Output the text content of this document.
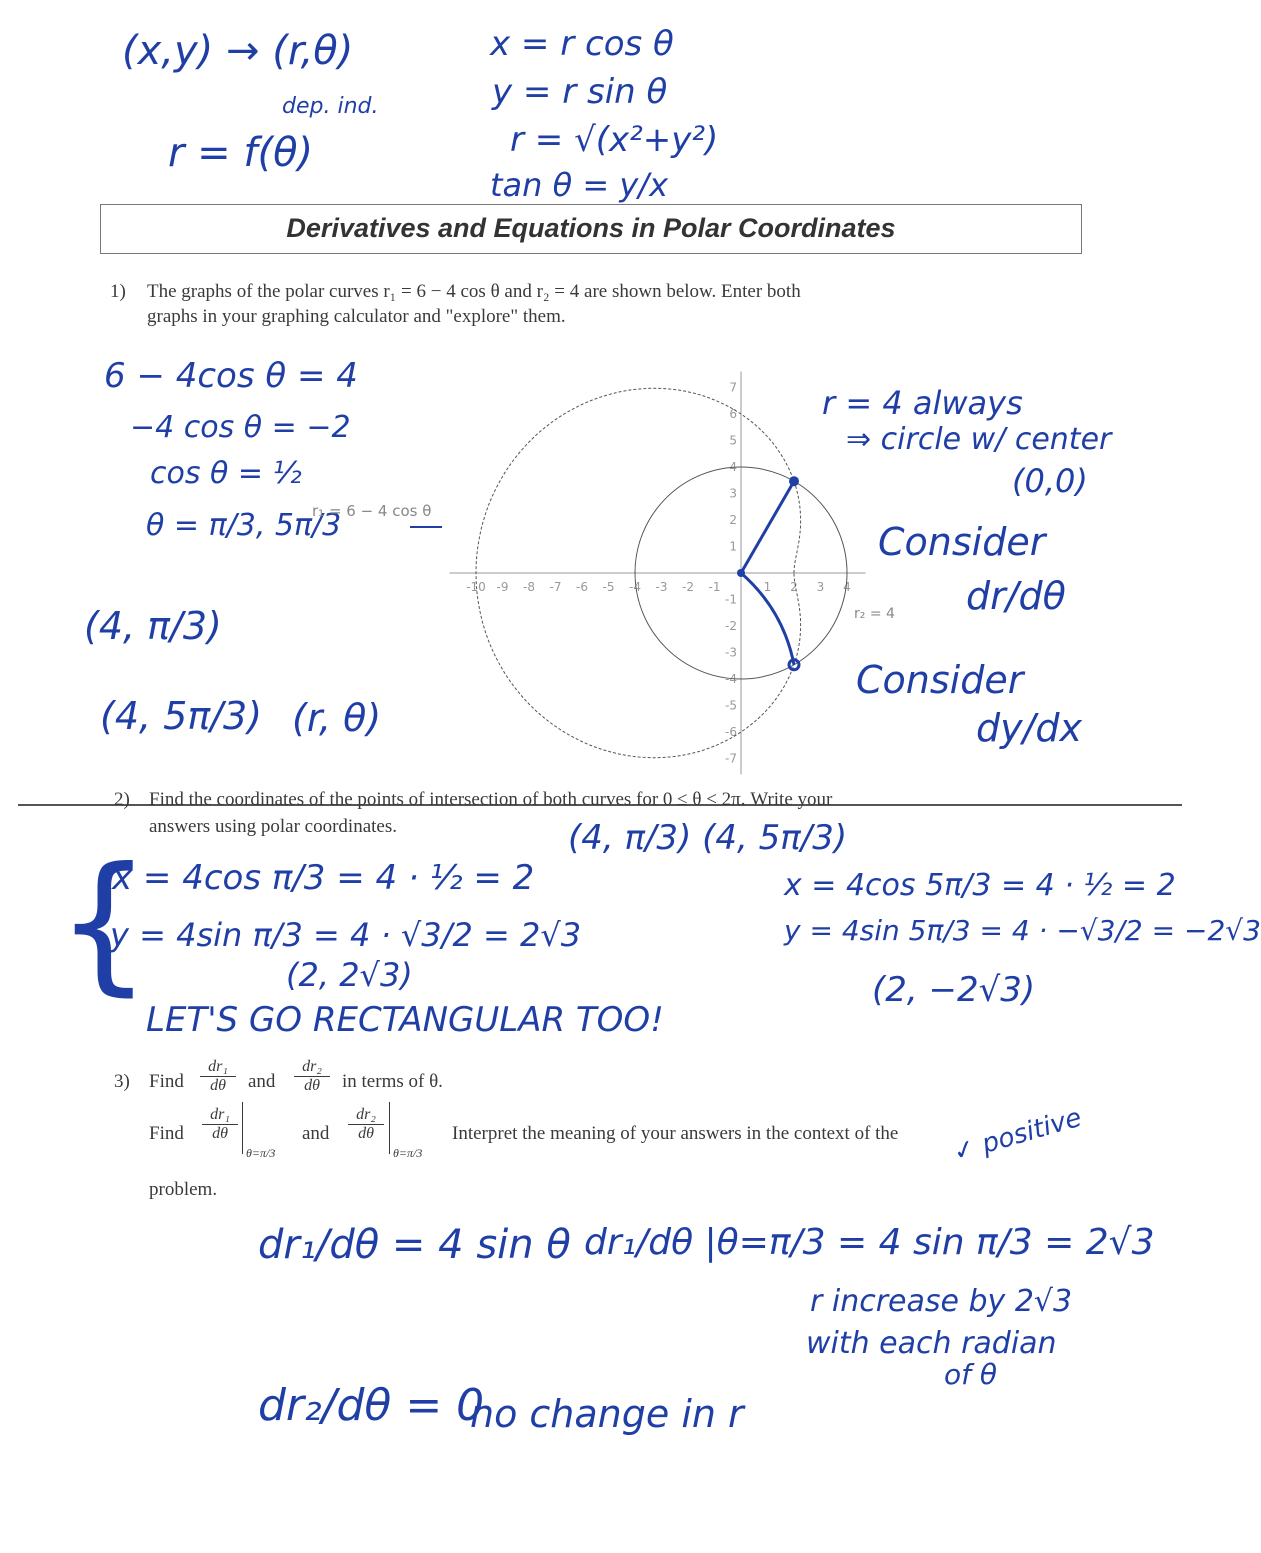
(x,y) → (r,θ)
dep. ind.
r = f(θ)
x = r cos θ
y = r sin θ
r = √(x²+y²)
tan θ = y/x
Derivatives and Equations in Polar Coordinates
1) The graphs of the polar curves r₁ = 6 − 4 cos θ and r₂ = 4 are shown below. Enter both
graphs in your graphing calculator and "explore" them.
6 − 4cos θ = 4
−4 cos θ = −2
cos θ = ½
θ = π/3, 5π/3
(4, π/3)
(4, 5π/3) (r, θ)
-10 -9 -8 -7 -6 -5 -4 -3 -2 -1	1 2 3 4
7
6
5
4
3
2
1
-1
-2
-3
-4
-5
-6
-7
r₁ = 6 − 4 cos θ
r₂ = 4
r = 4 always
⇒ circle w/ center
(0,0)
Consider
dr/dθ
Consider
dy/dx
2) Find the coordinates of the points of intersection of both curves for 0 ≤ θ < 2π. Write your
answers using polar coordinates.	(4, π/3) (4, 5π/3)
{
x = 4cos π/3 = 4 · ½ = 2
y = 4sin π/3 = 4 · √3/2 = 2√3
(2, 2√3)
LET'S GO RECTANGULAR TOO!
x = 4cos 5π/3 = 4 · ½ = 2
y = 4sin 5π/3 = 4 · −√3/2 = −2√3
(2, −2√3)
3) Find $\frac{\text{dr₁}}{d\theta}$ and $\frac{\text{dr₂}}{d\theta}$ in terms of θ.
Find $\frac{\text{dr₁}}{d\theta}$
θ=π/3
and $\frac{\text{dr₂}}{d\theta}$
θ=π/3
Interpret the meaning of your answers in the context of the
problem.
✓ positive
dr₁/dθ = 4 sin θ dr₁/dθ |θ=π/3 = 4 sin π/3 = 2√3
r increase by 2√3
with each radian
of θ
dr₂/dθ = 0
no change in r
